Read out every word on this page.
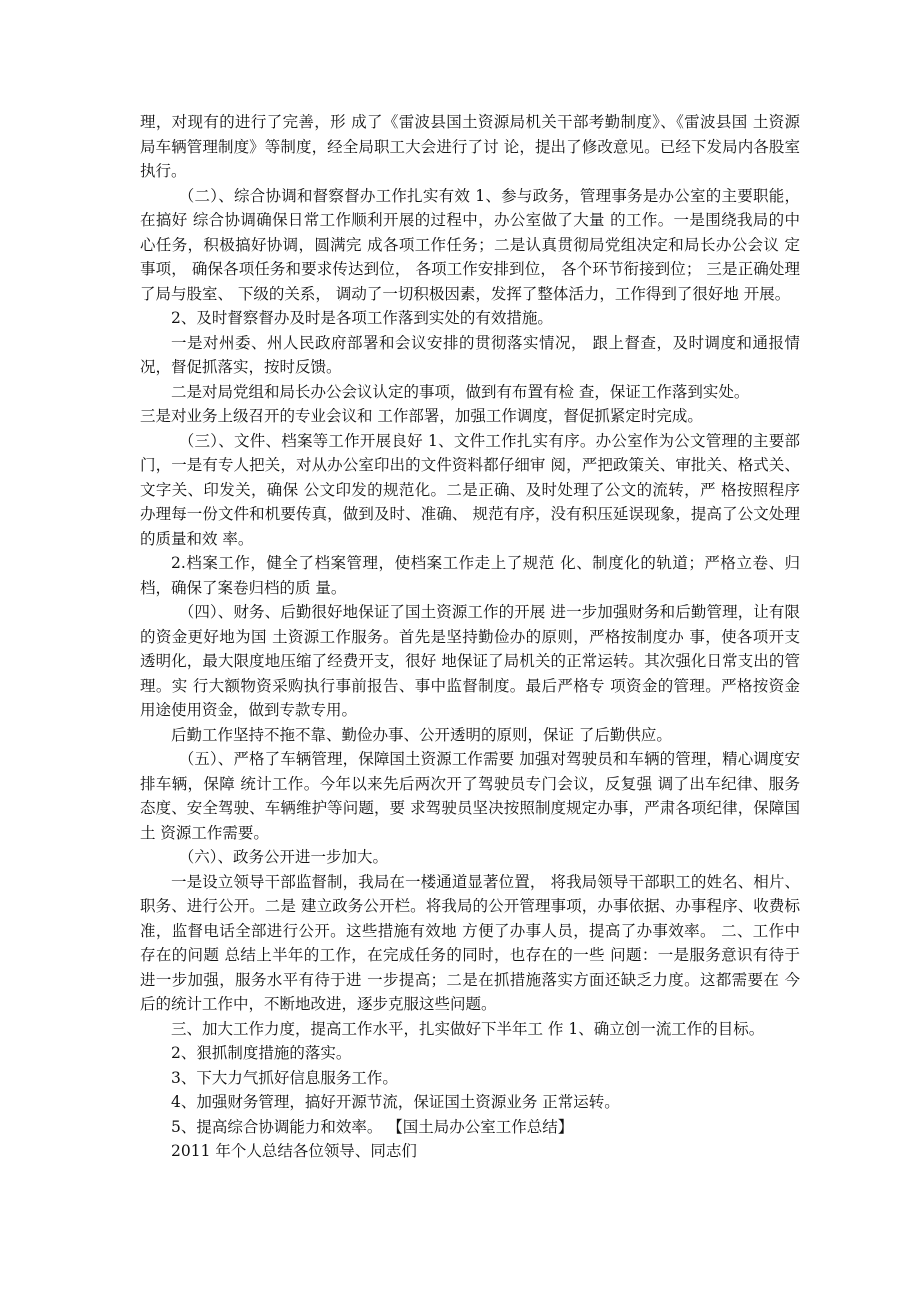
理，对现有的进行了完善，形 成了《雷波县国土资源局机关干部考勤制度》、《雷波县国 土资源局车辆管理制度》等制度，经全局职工大会进行了讨 论，提出了修改意见。已经下发局内各股室执行。

（二）、综合协调和督察督办工作扎实有效 1、参与政务，管理事务是办公室的主要职能，在搞好 综合协调确保日常工作顺利开展的过程中，办公室做了大量 的工作。一是围绕我局的中心任务，积极搞好协调，圆满完 成各项工作任务；二是认真贯彻局党组决定和局长办公会议 定事项， 确保各项任务和要求传达到位， 各项工作安排到位， 各个环节衔接到位； 三是正确处理了局与股室、 下级的关系， 调动了一切积极因素，发挥了整体活力，工作得到了很好地 开展。

2、及时督察督办及时是各项工作落到实处的有效措施。

一是对州委、州人民政府部署和会议安排的贯彻落实情况， 跟上督查，及时调度和通报情况，督促抓落实，按时反馈。

二是对局党组和局长办公会议认定的事项，做到有布置有检 查，保证工作落到实处。

三是对业务上级召开的专业会议和 工作部署，加强工作调度，督促抓紧定时完成。

（三）、文件、档案等工作开展良好 1、文件工作扎实有序。办公室作为公文管理的主要部 门，一是有专人把关，对从办公室印出的文件资料都仔细审 阅，严把政策关、审批关、格式关、文字关、印发关，确保 公文印发的规范化。二是正确、及时处理了公文的流转，严 格按照程序办理每一份文件和机要传真，做到及时、准确、 规范有序，没有积压延误现象，提高了公文处理的质量和效 率。

2.档案工作，健全了档案管理，使档案工作走上了规范 化、制度化的轨道；严格立卷、归档，确保了案卷归档的质 量。

（四）、财务、后勤很好地保证了国土资源工作的开展 进一步加强财务和后勤管理，让有限的资金更好地为国 土资源工作服务。首先是坚持勤俭办的原则，严格按制度办 事，使各项开支透明化，最大限度地压缩了经费开支，很好 地保证了局机关的正常运转。其次强化日常支出的管理。实 行大额物资采购执行事前报告、事中监督制度。最后严格专 项资金的管理。严格按资金用途使用资金，做到专款专用。

后勤工作坚持不拖不靠、勤俭办事、公开透明的原则，保证 了后勤供应。

（五）、严格了车辆管理，保障国土资源工作需要 加强对驾驶员和车辆的管理，精心调度安排车辆，保障 统计工作。今年以来先后两次开了驾驶员专门会议，反复强 调了出车纪律、服务态度、安全驾驶、车辆维护等问题，要 求驾驶员坚决按照制度规定办事，严肃各项纪律，保障国土 资源工作需要。

（六）、政务公开进一步加大。

一是设立领导干部监督制，我局在一楼通道显著位置， 将我局领导干部职工的姓名、相片、职务、进行公开。二是 建立政务公开栏。将我局的公开管理事项，办事依据、办事程序、收费标准，监督电话全部进行公开。这些措施有效地 方便了办事人员，提高了办事效率。 二、工作中存在的问题 总结上半年的工作，在完成任务的同时，也存在的一些 问题：一是服务意识有待于进一步加强，服务水平有待于进 一步提高；二是在抓措施落实方面还缺乏力度。这都需要在 今后的统计工作中，不断地改进，逐步克服这些问题。

三、加大工作力度，提高工作水平，扎实做好下半年工 作 1、确立创一流工作的目标。

2、狠抓制度措施的落实。

3、下大力气抓好信息服务工作。

4、加强财务管理，搞好开源节流，保证国土资源业务 正常运转。

5、提高综合协调能力和效率。 【国土局办公室工作总结】

2011 年个人总结各位领导、同志们
